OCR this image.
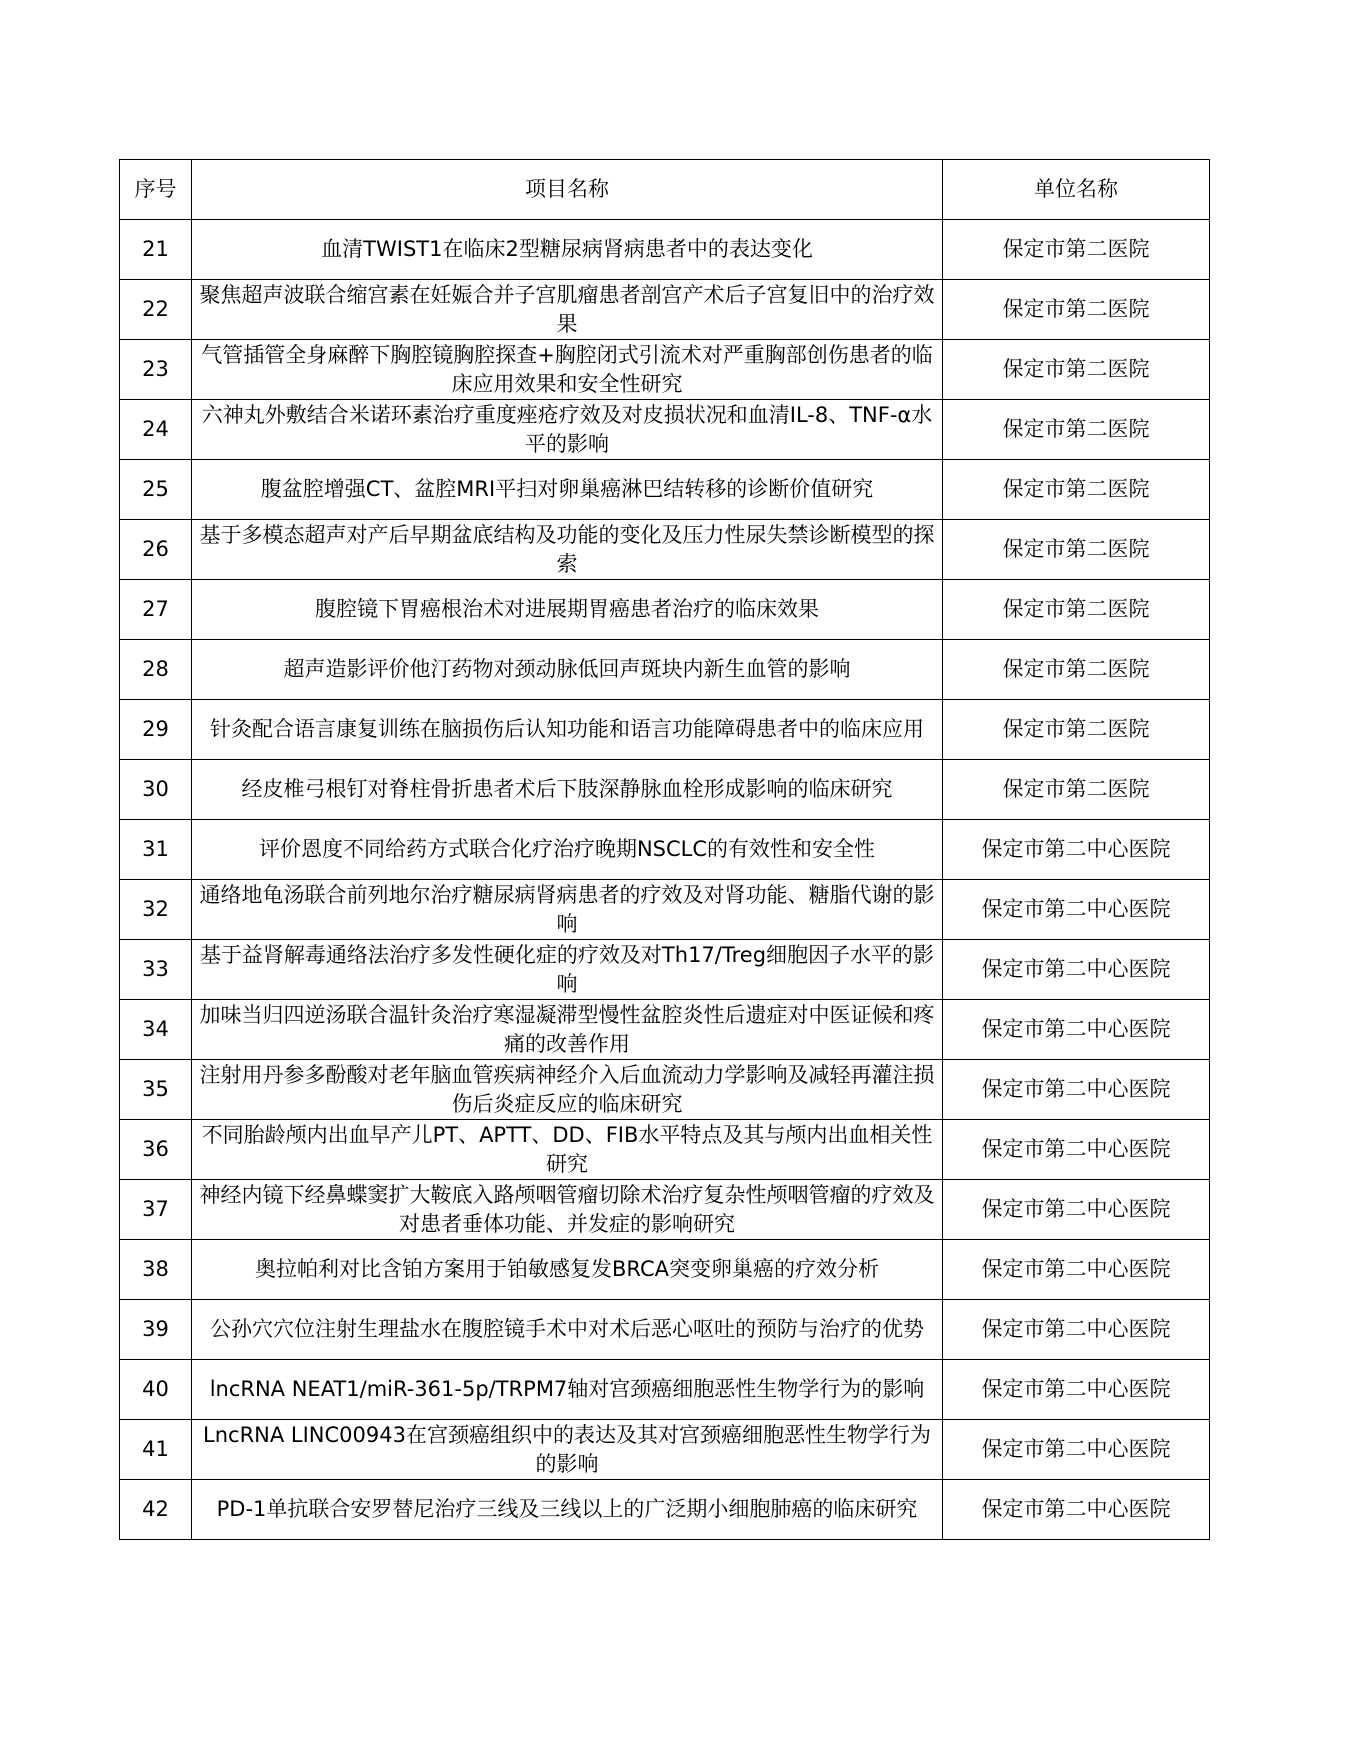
序号	项目名称	单位名称
21	血清TWIST1在临床2型糖尿病肾病患者中的表达变化	保定市第二医院
22	聚焦超声波联合缩宫素在妊娠合并子宫肌瘤患者剖宫产术后子宫复旧中的治疗效果	保定市第二医院
23	气管插管全身麻醉下胸腔镜胸腔探查+胸腔闭式引流术对严重胸部创伤患者的临床应用效果和安全性研究	保定市第二医院
24	六神丸外敷结合米诺环素治疗重度痤疮疗效及对皮损状况和血清IL-8、TNF-α水平的影响	保定市第二医院
25	腹盆腔增强CT、盆腔MRI平扫对卵巢癌淋巴结转移的诊断价值研究	保定市第二医院
26	基于多模态超声对产后早期盆底结构及功能的变化及压力性尿失禁诊断模型的探索	保定市第二医院
27	腹腔镜下胃癌根治术对进展期胃癌患者治疗的临床效果	保定市第二医院
28	超声造影评价他汀药物对颈动脉低回声斑块内新生血管的影响	保定市第二医院
29	针灸配合语言康复训练在脑损伤后认知功能和语言功能障碍患者中的临床应用	保定市第二医院
30	经皮椎弓根钉对脊柱骨折患者术后下肢深静脉血栓形成影响的临床研究	保定市第二医院
31	评价恩度不同给药方式联合化疗治疗晚期NSCLC的有效性和安全性	保定市第二中心医院
32	通络地龟汤联合前列地尔治疗糖尿病肾病患者的疗效及对肾功能、糖脂代谢的影响	保定市第二中心医院
33	基于益肾解毒通络法治疗多发性硬化症的疗效及对Th17/Treg细胞因子水平的影响	保定市第二中心医院
34	加味当归四逆汤联合温针灸治疗寒湿凝滞型慢性盆腔炎性后遗症对中医证候和疼痛的改善作用	保定市第二中心医院
35	注射用丹参多酚酸对老年脑血管疾病神经介入后血流动力学影响及减轻再灌注损伤后炎症反应的临床研究	保定市第二中心医院
36	不同胎龄颅内出血早产儿PT、APTT、DD、FIB水平特点及其与颅内出血相关性研究	保定市第二中心医院
37	神经内镜下经鼻蝶窦扩大鞍底入路颅咽管瘤切除术治疗复杂性颅咽管瘤的疗效及对患者垂体功能、并发症的影响研究	保定市第二中心医院
38	奥拉帕利对比含铂方案用于铂敏感复发BRCA突变卵巢癌的疗效分析	保定市第二中心医院
39	公孙穴穴位注射生理盐水在腹腔镜手术中对术后恶心呕吐的预防与治疗的优势	保定市第二中心医院
40	lncRNA NEAT1/miR-361-5p/TRPM7轴对宫颈癌细胞恶性生物学行为的影响	保定市第二中心医院
41	LncRNA LINC00943在宫颈癌组织中的表达及其对宫颈癌细胞恶性生物学行为的影响	保定市第二中心医院
42	PD-1单抗联合安罗替尼治疗三线及三线以上的广泛期小细胞肺癌的临床研究	保定市第二中心医院
